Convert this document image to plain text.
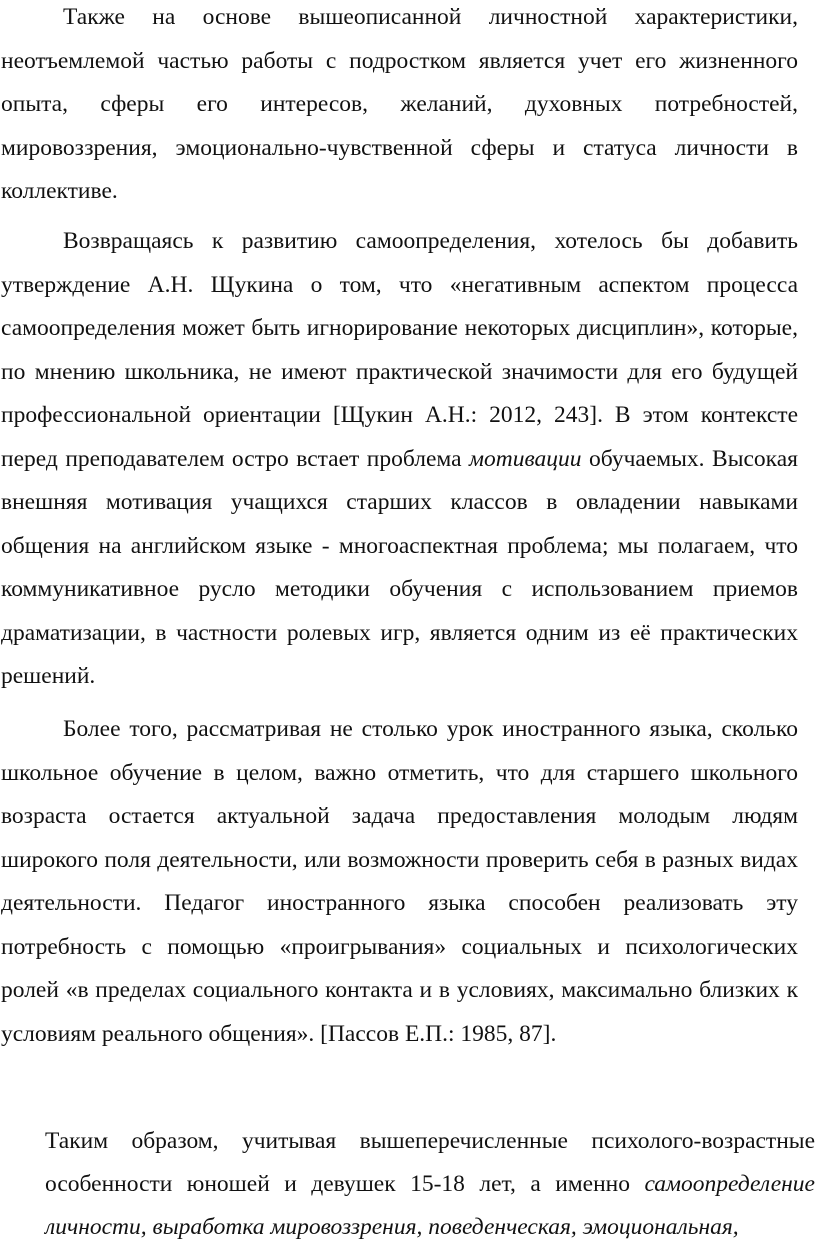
Также на основе вышеописанной личностной характеристики, неотъемлемой частью работы с подростком является учет его жизненного опыта, сферы его интересов, желаний, духовных потребностей, мировоззрения, эмоционально-чувственной сферы и статуса личности в коллективе.

Возвращаясь к развитию самоопределения, хотелось бы добавить утверждение А.Н. Щукина о том, что «негативным аспектом процесса самоопределения может быть игнорирование некоторых дисциплин», которые, по мнению школьника, не имеют практической значимости для его будущей профессиональной ориентации [Щукин А.Н.: 2012, 243]. В этом контексте перед преподавателем остро встает проблема мотивации обучаемых. Высокая внешняя мотивация учащихся старших классов в овладении навыками общения на английском языке - многоаспектная проблема; мы полагаем, что коммуникативное русло методики обучения с использованием приемов драматизации, в частности ролевых игр, является одним из её практических решений.

Более того, рассматривая не столько урок иностранного языка, сколько школьное обучение в целом, важно отметить, что для старшего школьного возраста остается актуальной задача предоставления молодым людям широкого поля деятельности, или возможности проверить себя в разных видах деятельности. Педагог иностранного языка способен реализовать эту потребность с помощью «проигрывания» социальных и психологических ролей «в пределах социального контакта и в условиях, максимально близких к условиям реального общения». [Пассов Е.П.: 1985, 87].

Таким образом, учитывая вышеперечисленные психолого-возрастные особенности юношей и девушек 15-18 лет, а именно самоопределение личности, выработка мировоззрения, поведенческая, эмоциональная,
